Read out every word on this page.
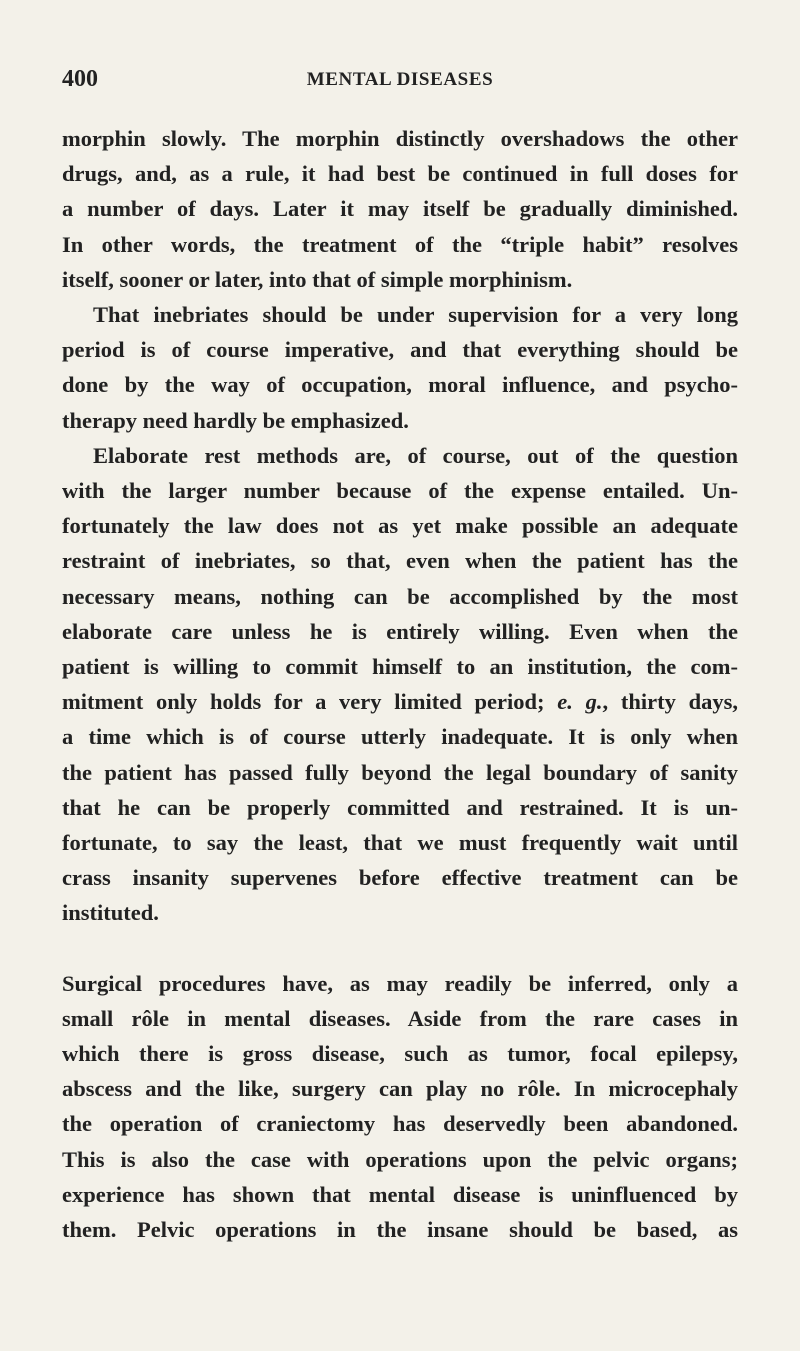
400	MENTAL DISEASES

morphin slowly. The morphin distinctly overshadows the other
drugs, and, as a rule, it had best be continued in full doses for
a number of days. Later it may itself be gradually diminished.
In other words, the treatment of the “triple habit” resolves
itself, sooner or later, into that of simple morphinism.

That inebriates should be under supervision for a very long
period is of course imperative, and that everything should be
done by the way of occupation, moral influence, and psycho-
therapy need hardly be emphasized.

Elaborate rest methods are, of course, out of the question
with the larger number because of the expense entailed. Un-
fortunately the law does not as yet make possible an adequate
restraint of inebriates, so that, even when the patient has the
necessary means, nothing can be accomplished by the most
elaborate care unless he is entirely willing. Even when the
patient is willing to commit himself to an institution, the com-
mitment only holds for a very limited period; e. g., thirty days,
a time which is of course utterly inadequate. It is only when
the patient has passed fully beyond the legal boundary of sanity
that he can be properly committed and restrained. It is un-
fortunate, to say the least, that we must frequently wait until
crass insanity supervenes before effective treatment can be
instituted.

Surgical procedures have, as may readily be inferred, only a
small rôle in mental diseases. Aside from the rare cases in
which there is gross disease, such as tumor, focal epilepsy,
abscess and the like, surgery can play no rôle. In microcephaly
the operation of craniectomy has deservedly been abandoned.
This is also the case with operations upon the pelvic organs;
experience has shown that mental disease is uninfluenced by
them. Pelvic operations in the insane should be based, as
